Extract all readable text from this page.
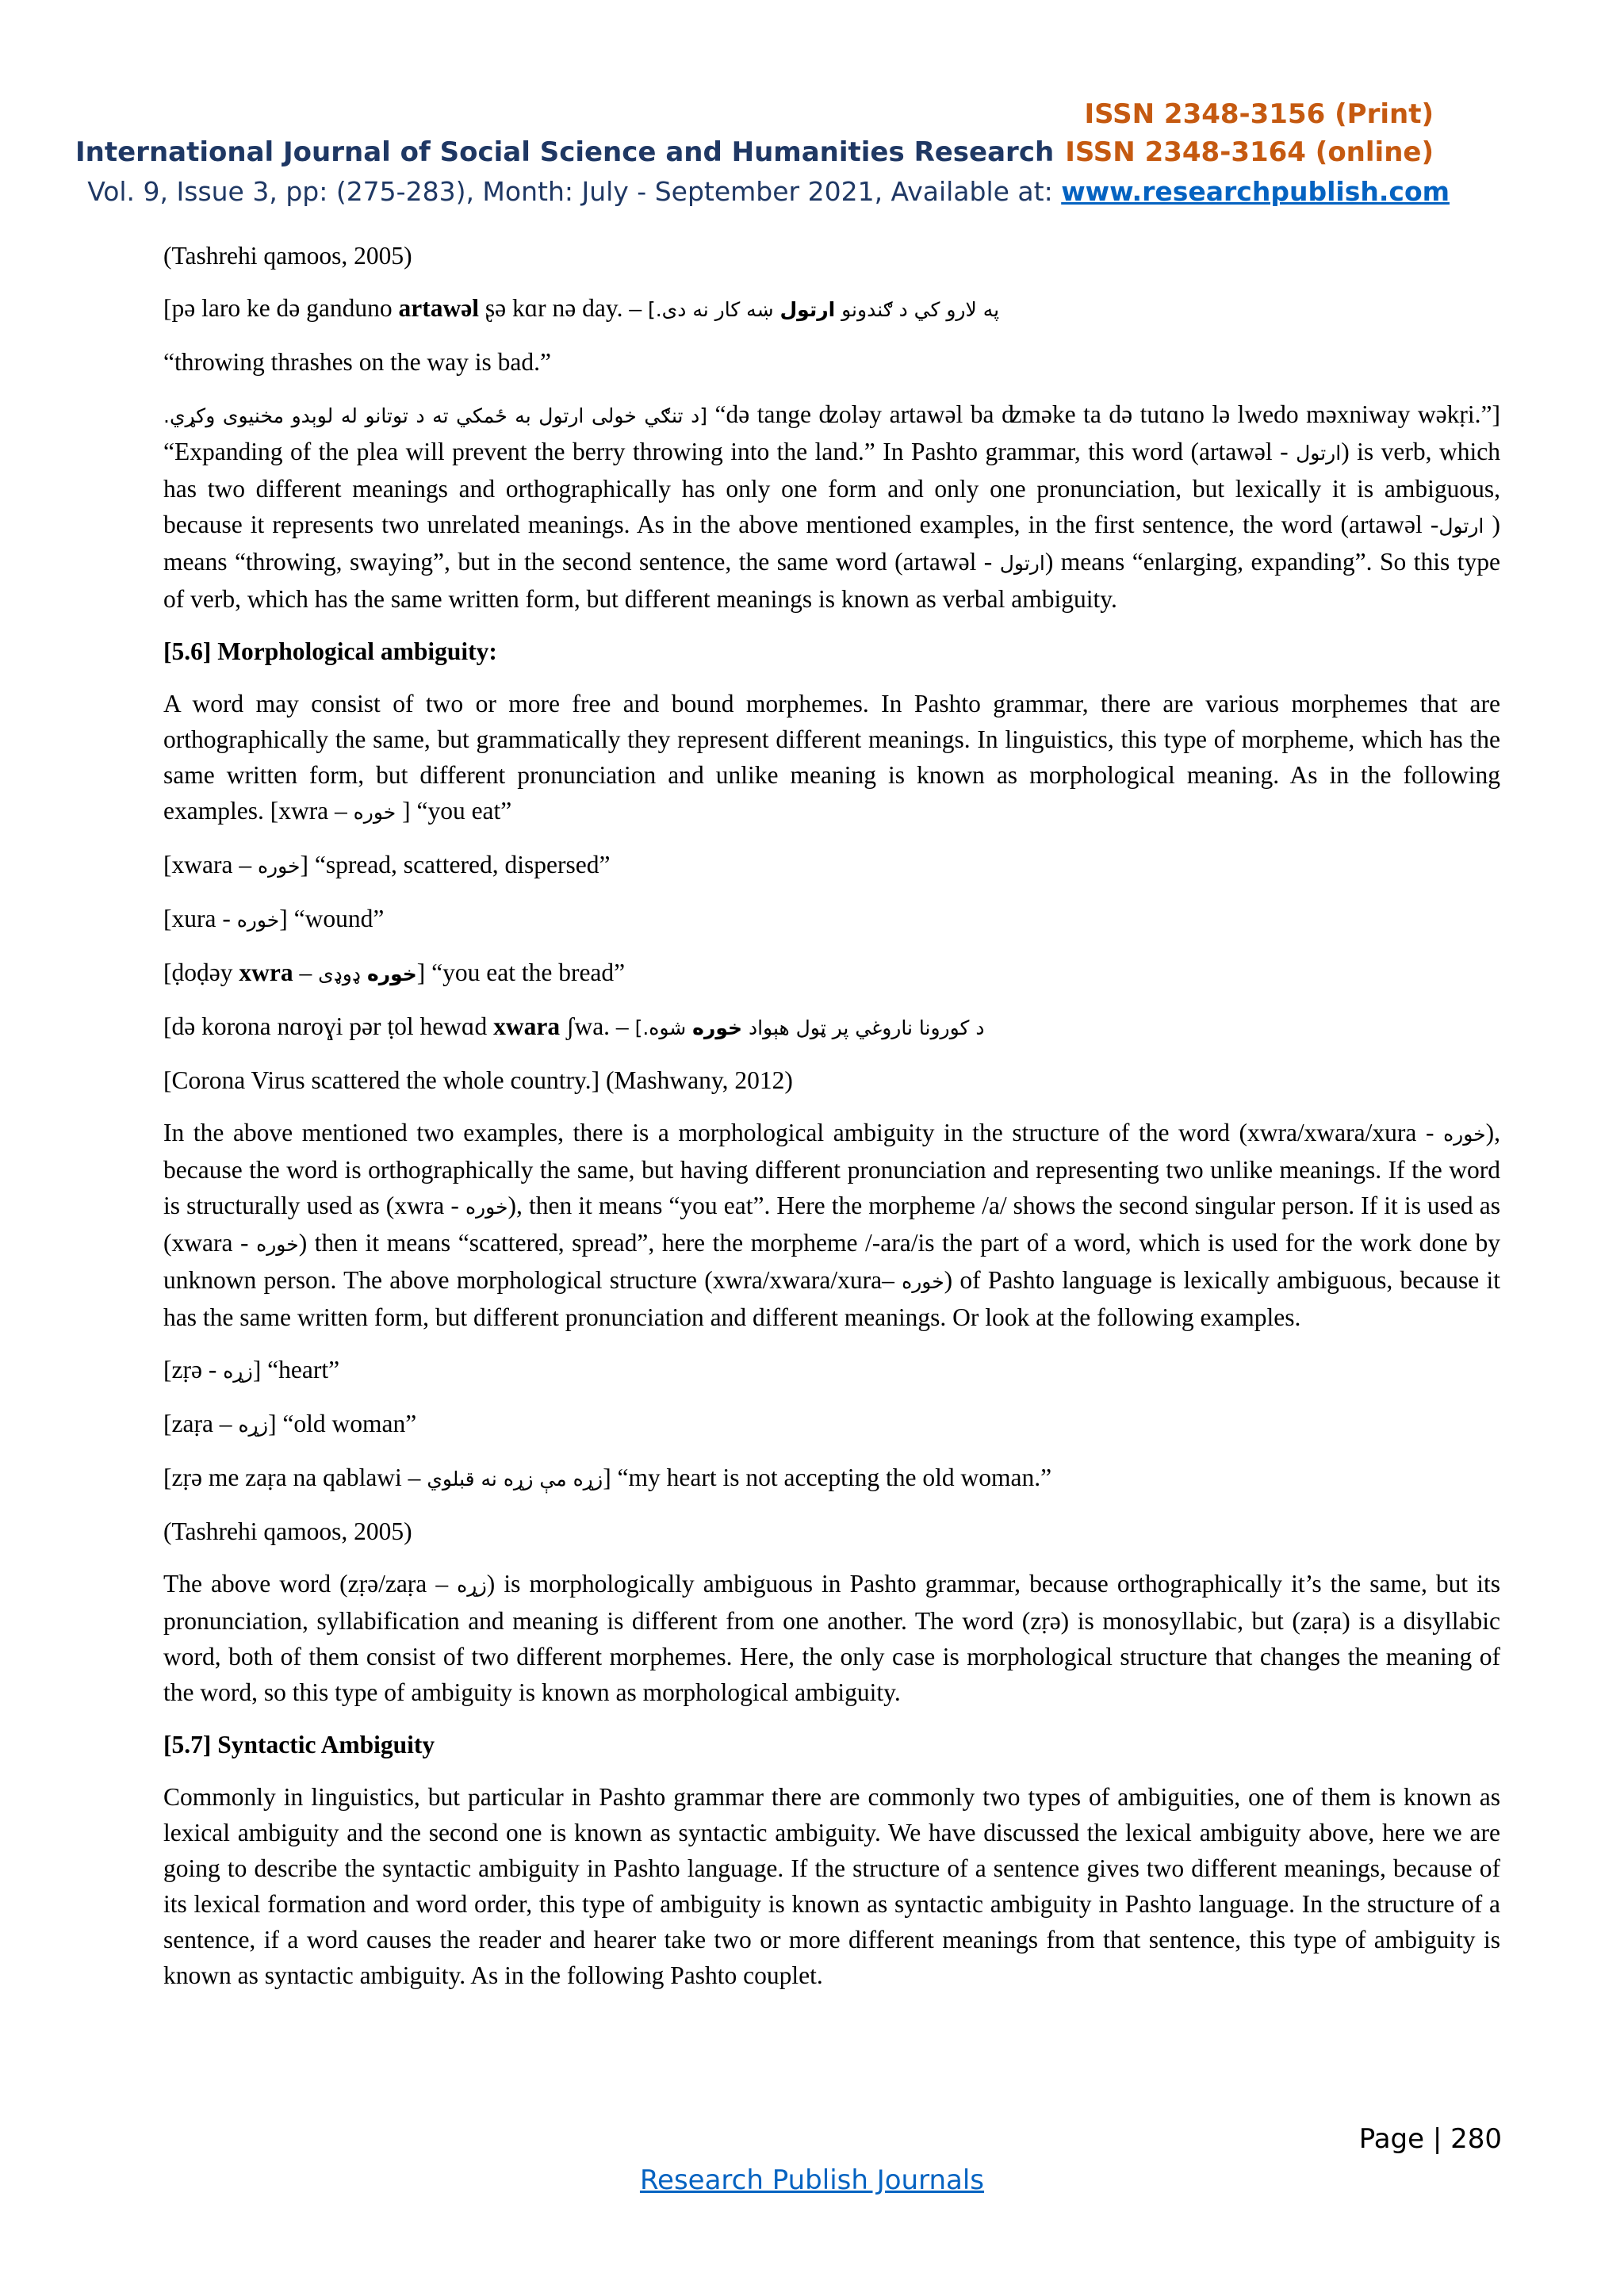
ISSN 2348-3156 (Print)
International Journal of Social Science and Humanities Research ISSN 2348-3164 (online)
Vol. 9, Issue 3, pp: (275-283), Month: July - September 2021, Available at: www.researchpublish.com

(Tashrehi qamoos, 2005)

[pə laro ke də ganduno artawəl ʂə kɑr nə day. –	په لارو کي د ګندونو ارتول ښه کار نه دی.]

“throwing thrashes on the way is bad.”

[د تنګي خولی ارتول به ځمکي ته د توتانو له لوېدو مخنيوی وکړي. “də tange ʣoləy artawəl ba ʣməke ta də tutɑno lə lwedo məxniway wəkṛi.”] “Expanding of the plea will prevent the berry throwing into the land.” In Pashto grammar, this word (artawəl - ارتول) is verb, which has two different meanings and orthographically has only one form and only one pronunciation, but lexically it is ambiguous, because it represents two unrelated meanings. As in the above mentioned examples, in the first sentence, the word (artawəl -ارتول ) means “throwing, swaying”, but in the second sentence, the same word (artawəl - ارتول) means “enlarging, expanding”. So this type of verb, which has the same written form, but different meanings is known as verbal ambiguity.

[5.6] Morphological ambiguity:

A word may consist of two or more free and bound morphemes. In Pashto grammar, there are various morphemes that are orthographically the same, but grammatically they represent different meanings. In linguistics, this type of morpheme, which has the same written form, but different pronunciation and unlike meaning is known as morphological meaning. As in the following examples. [xwra – خوره ] “you eat”

[xwara – خوره] “spread, scattered, dispersed”

[xura - خوره] “wound”

[ḍoḍəy xwra – خوره ډوډی ] “you eat the bread”

[də korona nɑroɣi pər ṭol hewɑd xwara ʃwa. –	د کورونا ناروغي پر ټول هېواد خوره شوه.]

[Corona Virus scattered the whole country.] (Mashwany, 2012)

In the above mentioned two examples, there is a morphological ambiguity in the structure of the word (xwra/xwara/xura - خوره), because the word is orthographically the same, but having different pronunciation and representing two unlike meanings. If the word is structurally used as (xwra - خوره), then it means “you eat”. Here the morpheme /a/ shows the second singular person. If it is used as (xwara - خوره) then it means “scattered, spread”, here the morpheme /-ara/is the part of a word, which is used for the work done by unknown person. The above morphological structure (xwra/xwara/xura– خوره) of Pashto language is lexically ambiguous, because it has the same written form, but different pronunciation and different meanings. Or look at the following examples.

[zṛə - زړه] “heart”

[zaṛa – زړه] “old woman”

[zṛə me zaṛa na qablawi – زړه مې زړه نه قبلوي] “my heart is not accepting the old woman.”

(Tashrehi qamoos, 2005)

The above word (zṛə/zaṛa – زړه) is morphologically ambiguous in Pashto grammar, because orthographically it’s the same, but its pronunciation, syllabification and meaning is different from one another. The word (zṛə) is monosyllabic, but (zaṛa) is a disyllabic word, both of them consist of two different morphemes. Here, the only case is morphological structure that changes the meaning of the word, so this type of ambiguity is known as morphological ambiguity.

[5.7] Syntactic Ambiguity

Commonly in linguistics, but particular in Pashto grammar there are commonly two types of ambiguities, one of them is known as lexical ambiguity and the second one is known as syntactic ambiguity. We have discussed the lexical ambiguity above, here we are going to describe the syntactic ambiguity in Pashto language. If the structure of a sentence gives two different meanings, because of its lexical formation and word order, this type of ambiguity is known as syntactic ambiguity in Pashto language. In the structure of a sentence, if a word causes the reader and hearer take two or more different meanings from that sentence, this type of ambiguity is known as syntactic ambiguity. As in the following Pashto couplet.

Page | 280
Research Publish Journals
